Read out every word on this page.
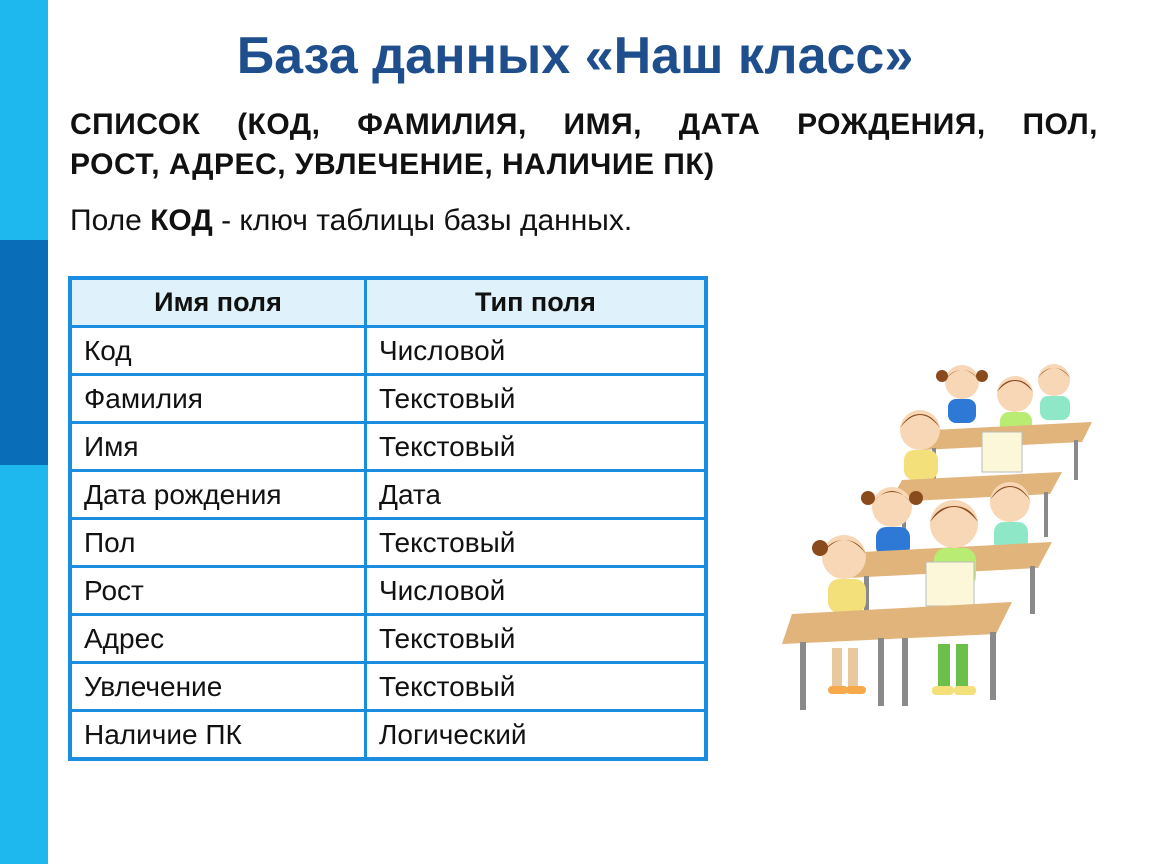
База данных «Наш класс»
СПИСОК (КОД, ФАМИЛИЯ, ИМЯ, ДАТА РОЖДЕНИЯ, ПОЛ,
РОСТ, АДРЕС, УВЛЕЧЕНИЕ, НАЛИЧИЕ ПК)
Поле КОД - ключ таблицы базы данных.
Имя поля	Тип поля
Код	Числовой
Фамилия	Текстовый
Имя	Текстовый
Дата рождения	Дата
Пол	Текстовый
Рост	Числовой
Адрес	Текстовый
Увлечение	Текстовый
Наличие ПК	Логический
